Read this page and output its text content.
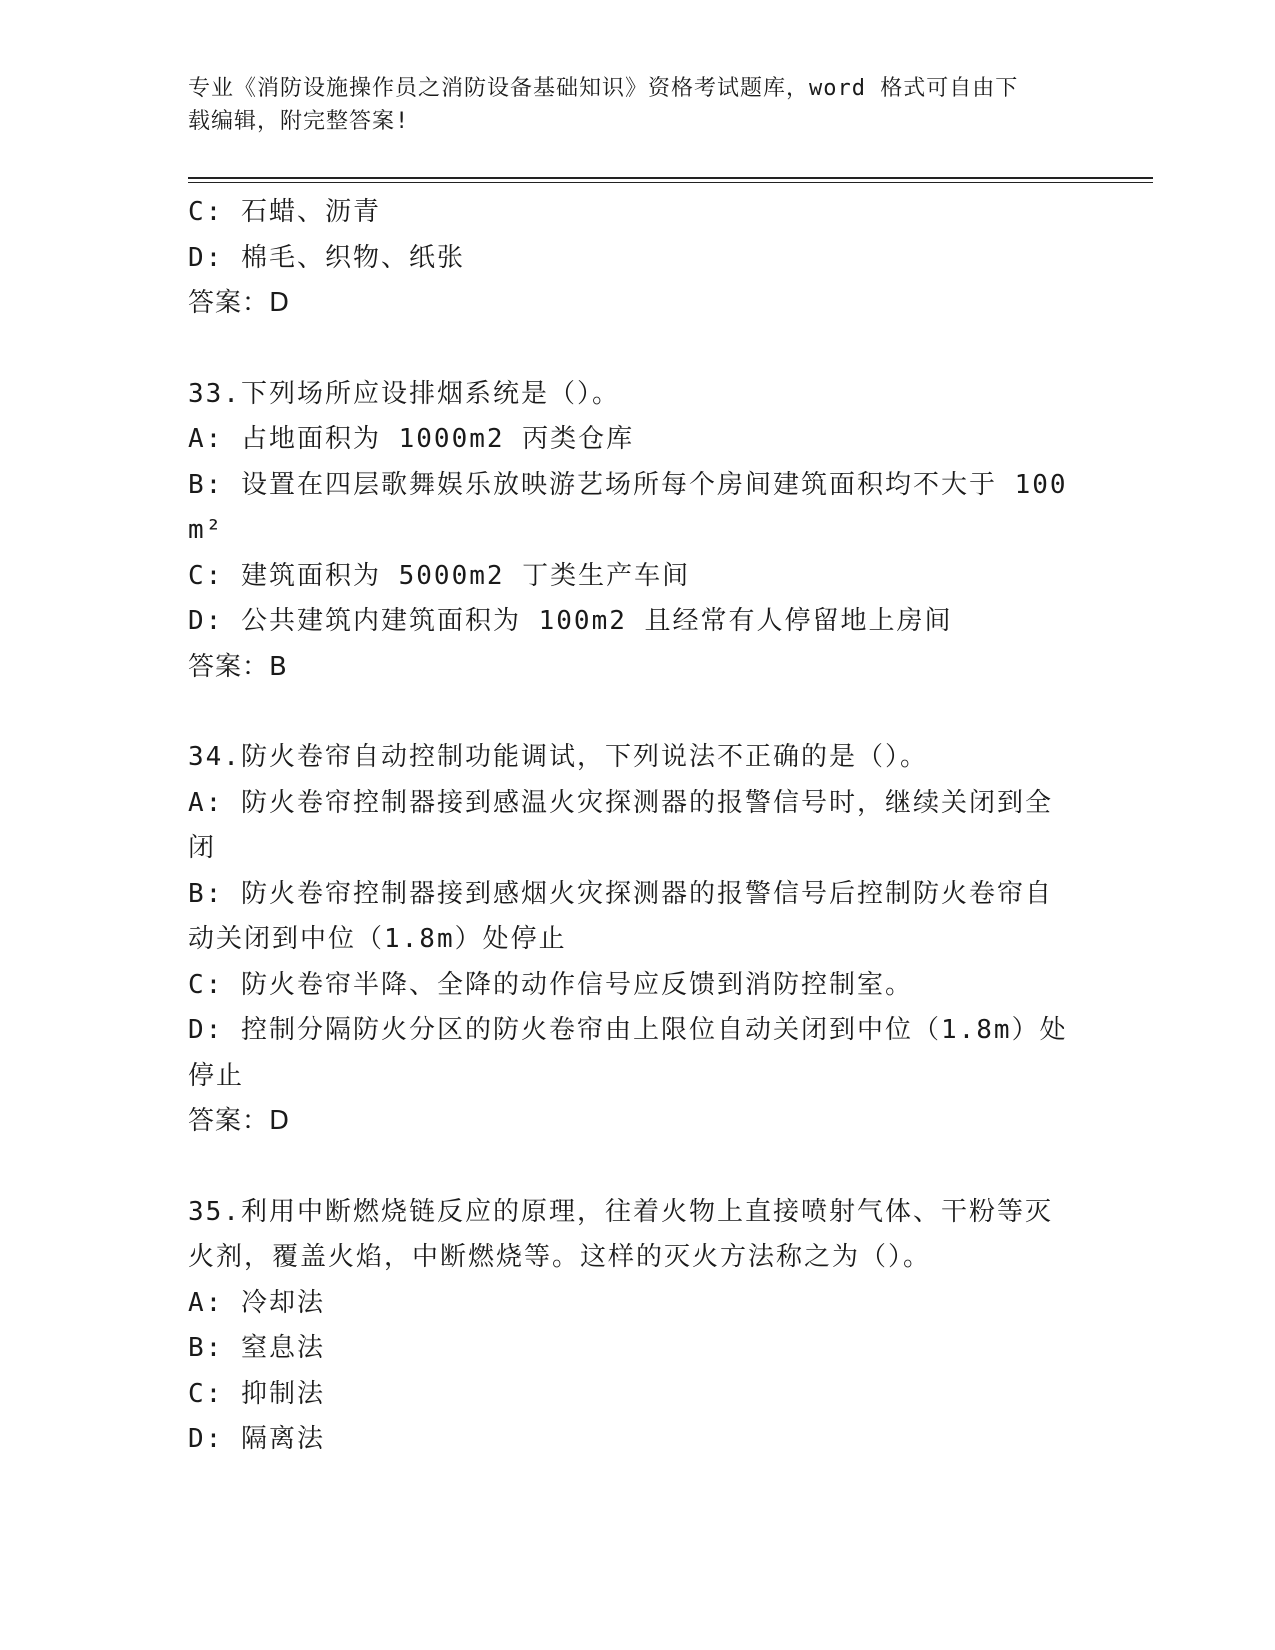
专业《消防设施操作员之消防设备基础知识》资格考试题库，word 格式可自由下
载编辑，附完整答案!
C: 石蜡、沥青
D: 棉毛、织物、纸张
答案：D
33.下列场所应设排烟系统是（）。
A: 占地面积为 1000m2 丙类仓库
B: 设置在四层歌舞娱乐放映游艺场所每个房间建筑面积均不大于 100
m²
C: 建筑面积为 5000m2 丁类生产车间
D: 公共建筑内建筑面积为 100m2 且经常有人停留地上房间
答案：B
34.防火卷帘自动控制功能调试，下列说法不正确的是（）。
A: 防火卷帘控制器接到感温火灾探测器的报警信号时，继续关闭到全
闭
B: 防火卷帘控制器接到感烟火灾探测器的报警信号后控制防火卷帘自
动关闭到中位（1.8m）处停止
C: 防火卷帘半降、全降的动作信号应反馈到消防控制室。
D: 控制分隔防火分区的防火卷帘由上限位自动关闭到中位（1.8m）处
停止
答案：D
35.利用中断燃烧链反应的原理，往着火物上直接喷射气体、干粉等灭
火剂，覆盖火焰，中断燃烧等。这样的灭火方法称之为（）。
A: 冷却法
B: 窒息法
C: 抑制法
D: 隔离法
